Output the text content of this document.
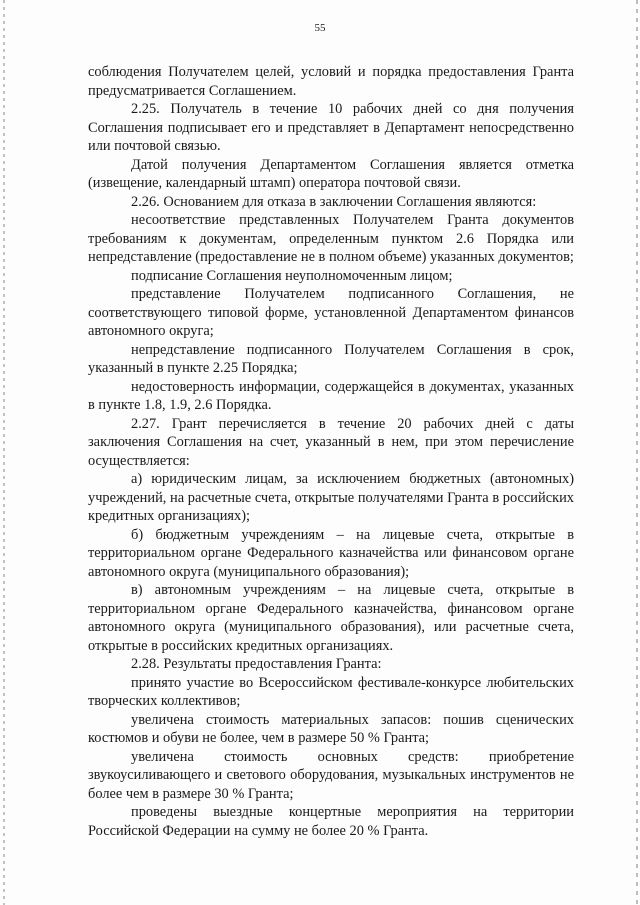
55

соблюдения Получателем целей, условий и порядка предоставления Гранта предусматривается Соглашением.

2.25. Получатель в течение 10 рабочих дней со дня получения Соглашения подписывает его и представляет в Департамент непосредственно или почтовой связью.

Датой получения Департаментом Соглашения является отметка (извещение, календарный штамп) оператора почтовой связи.

2.26. Основанием для отказа в заключении Соглашения являются:

несоответствие представленных Получателем Гранта документов требованиям к документам, определенным пунктом 2.6 Порядка или непредставление (предоставление не в полном объеме) указанных документов;

подписание Соглашения неуполномоченным лицом;

представление Получателем подписанного Соглашения, не соответствующего типовой форме, установленной Департаментом финансов автономного округа;

непредставление подписанного Получателем Соглашения в срок, указанный в пункте 2.25 Порядка;

недостоверность информации, содержащейся в документах, указанных в пункте 1.8, 1.9, 2.6 Порядка.

2.27. Грант перечисляется в течение 20 рабочих дней с даты заключения Соглашения на счет, указанный в нем, при этом перечисление осуществляется:

а) юридическим лицам, за исключением бюджетных (автономных) учреждений, на расчетные счета, открытые получателями Гранта в российских кредитных организациях);

б) бюджетным учреждениям – на лицевые счета, открытые в территориальном органе Федерального казначейства или финансовом органе автономного округа (муниципального образования);

в) автономным учреждениям – на лицевые счета, открытые в территориальном органе Федерального казначейства, финансовом органе автономного округа (муниципального образования), или расчетные счета, открытые в российских кредитных организациях.

2.28. Результаты предоставления Гранта:

принято участие во Всероссийском фестивале-конкурсе любительских творческих коллективов;

увеличена стоимость материальных запасов: пошив сценических костюмов и обуви не более, чем в размере 50 % Гранта;

увеличена стоимость основных средств: приобретение звукоусиливающего и светового оборудования, музыкальных инструментов не более чем в размере 30 % Гранта;

проведены выездные концертные мероприятия на территории Российской Федерации на сумму не более 20 % Гранта.
